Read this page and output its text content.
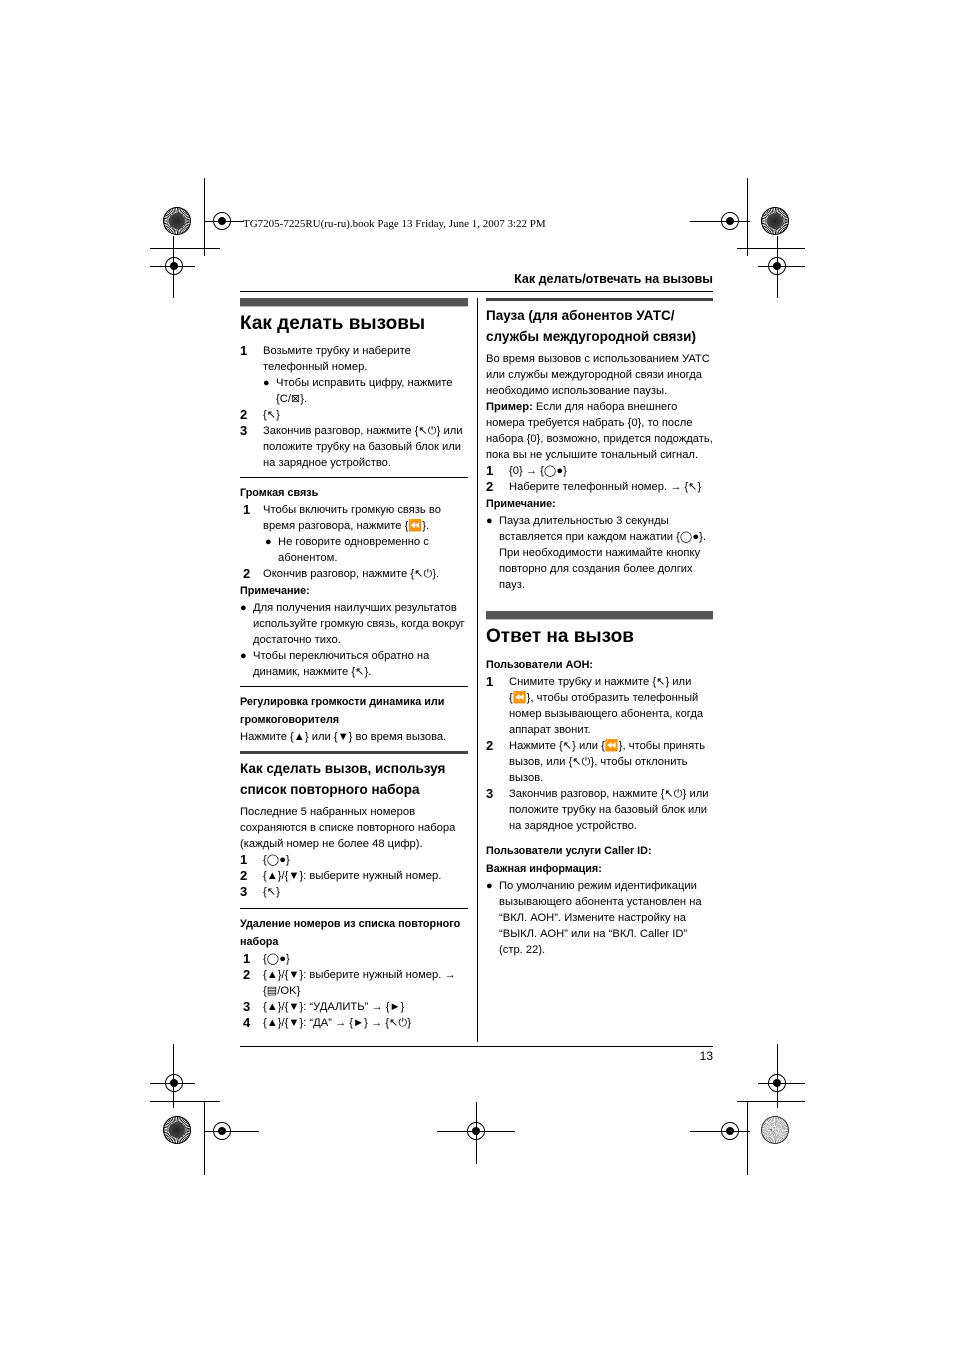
TG7205-7225RU(ru-ru).book Page 13 Friday, June 1, 2007 3:22 PM
Как делать/отвечать на вызовы
Как делать вызовы
1	Возьмите трубку и наберите телефонный номер.
● Чтобы исправить цифру, нажмите {C/⊠}.
2	{↖}
3	Закончив разговор, нажмите {↖⏻} или положите трубку на базовый блок или на зарядное устройство.
Громкая связь
1	Чтобы включить громкую связь во время разговора, нажмите {⏪}.
● Не говорите одновременно с абонентом.
2	Окончив разговор, нажмите {↖⏻}.
Примечание:
● Для получения наилучших результатов используйте громкую связь, когда вокруг достаточно тихо.
● Чтобы переключиться обратно на динамик, нажмите {↖}.
Регулировка громкости динамика или громкоговорителя

Нажмите {▲} или {▼} во время вызова.

Как сделать вызов, используя список повторного набора

Последние 5 набранных номеров сохраняются в списке повторного набора (каждый номер не более 48 цифр).

1	{◯●}
2	{▲}/{▼}: выберите нужный номер.
3	{↖}
Удаление номеров из списка повторного набора
1	{◯●}
2	{▲}/{▼}: выберите нужный номер. → {▤/OK}
3	{▲}/{▼}: “УДАЛИТЬ” → {►}
4	{▲}/{▼}: “ДА” → {►} → {↖⏻}
Пауза (для абонентов УАТС/службы междугородной связи)

Во время вызовов с использованием УАТС или службы междугородной связи иногда необходимо использование паузы.

Пример: Если для набора внешнего номера требуется набрать {0}, то после набора {0}, возможно, придется подождать, пока вы не услышите тональный сигнал.

1	{0} → {◯●}
2	Наберите телефонный номер. → {↖}
Примечание:
● Пауза длительностью 3 секунды вставляется при каждом нажатии {◯●}. При необходимости нажимайте кнопку повторно для создания более долгих пауз.
Ответ на вызов
Пользователи АОН:
1	Снимите трубку и нажмите {↖} или {⏪}, чтобы отобразить телефонный номер вызывающего абонента, когда аппарат звонит.
2	Нажмите {↖} или {⏪}, чтобы принять вызов, или {↖⏻}, чтобы отклонить вызов.
3	Закончив разговор, нажмите {↖⏻} или положите трубку на базовый блок или на зарядное устройство.
Пользователи услуги Caller ID:
Важная информация:
● По умолчанию режим идентификации вызывающего абонента установлен на “ВКЛ. АОН”. Измените настройку на “ВЫКЛ. АОН” или на “ВКЛ. Caller ID” (стр. 22).
13
